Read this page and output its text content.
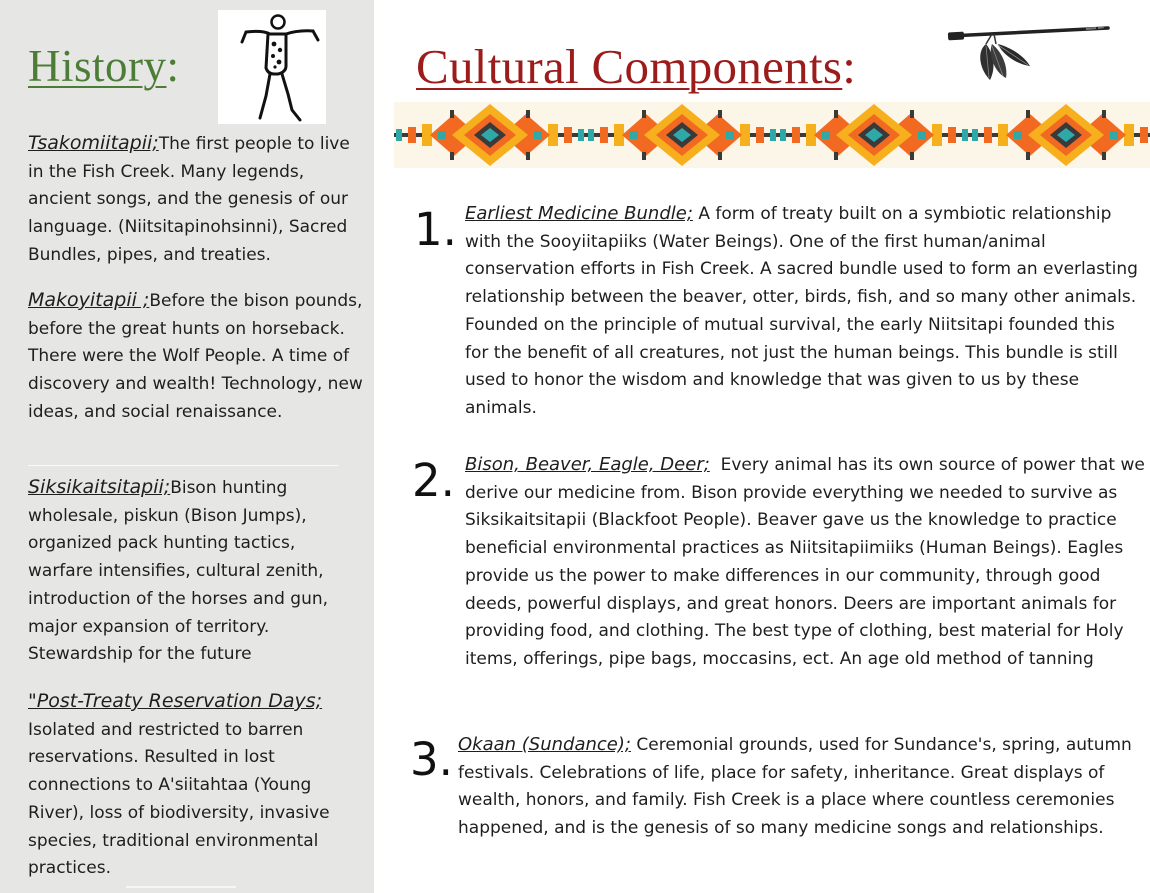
History:
Tsakomiitapii;The first people to live in the Fish Creek. Many legends, ancient songs, and the genesis of our language. (Niitsitapinohsinni), Sacred Bundles, pipes, and treaties.
Makoyitapii ;Before the bison pounds, before the great hunts on horseback. There were the Wolf People. A time of discovery and wealth! Technology, new ideas, and social renaissance.
Siksikaitsitapii;Bison hunting wholesale, piskun (Bison Jumps), organized pack hunting tactics, warfare intensifies, cultural zenith, introduction of the horses and gun, major expansion of territory. Stewardship for the future
"Post-Treaty Reservation Days;
Isolated and restricted to barren reservations. Resulted in lost connections to A'siitahtaa (Young River), loss of biodiversity, invasive species, traditional environmental practices.
Cultural Components:
1. Earliest Medicine Bundle; A form of treaty built on a symbiotic relationship with the Sooyiitapiiks (Water Beings). One of the first human/animal conservation efforts in Fish Creek. A sacred bundle used to form an everlasting relationship between the beaver, otter, birds, fish, and so many other animals. Founded on the principle of mutual survival, the early Niitsitapi founded this for the benefit of all creatures, not just the human beings. This bundle is still used to honor the wisdom and knowledge that was given to us by these animals.
2. Bison, Beaver, Eagle, Deer; Every animal has its own source of power that we derive our medicine from. Bison provide everything we needed to survive as Siksikaitsitapii (Blackfoot People). Beaver gave us the knowledge to practice beneficial environmental practices as Niitsitapiimiiks (Human Beings). Eagles provide us the power to make differences in our community, through good deeds, powerful displays, and great honors. Deers are important animals for providing food, and clothing. The best type of clothing, best material for Holy items, offerings, pipe bags, moccasins, ect. An age old method of tanning
3. Okaan (Sundance); Ceremonial grounds, used for Sundance's, spring, autumn festivals. Celebrations of life, place for safety, inheritance. Great displays of wealth, honors, and family. Fish Creek is a place where countless ceremonies happened, and is the genesis of so many medicine songs and relationships.
